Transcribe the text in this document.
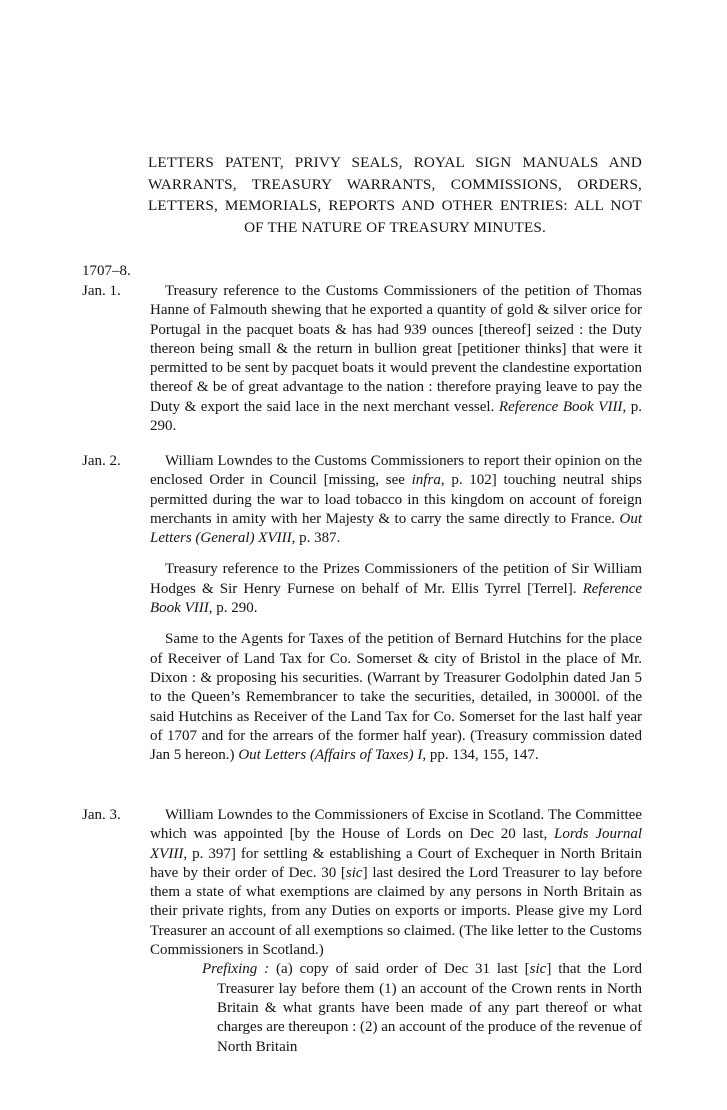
LETTERS PATENT, PRIVY SEALS, ROYAL SIGN MANUALS AND WARRANTS, TREASURY WARRANTS, COMMISSIONS, ORDERS, LETTERS, MEMORIALS, REPORTS AND OTHER ENTRIES: ALL NOT OF THE NATURE OF TREASURY MINUTES.
1707–8.
Jan. 1.	Treasury reference to the Customs Commissioners of the petition of Thomas Hanne of Falmouth shewing that he exported a quantity of gold & silver orice for Portugal in the pacquet boats & has had 939 ounces [thereof] seized : the Duty thereon being small & the return in bullion great [petitioner thinks] that were it permitted to be sent by pacquet boats it would prevent the clandestine exportation thereof & be of great advantage to the nation : therefore praying leave to pay the Duty & export the said lace in the next merchant vessel. Reference Book VIII, p. 290.
Jan. 2.	William Lowndes to the Customs Commissioners to report their opinion on the enclosed Order in Council [missing, see infra, p. 102] touching neutral ships permitted during the war to load tobacco in this kingdom on account of foreign merchants in amity with her Majesty & to carry the same directly to France. Out Letters (General) XVIII, p. 387.
Treasury reference to the Prizes Commissioners of the petition of Sir William Hodges & Sir Henry Furnese on behalf of Mr. Ellis Tyrrel [Terrel]. Reference Book VIII, p. 290.
Same to the Agents for Taxes of the petition of Bernard Hutchins for the place of Receiver of Land Tax for Co. Somerset & city of Bristol in the place of Mr. Dixon : & proposing his securities. (Warrant by Treasurer Godolphin dated Jan 5 to the Queen’s Remembrancer to take the securities, detailed, in 30000l. of the said Hutchins as Receiver of the Land Tax for Co. Somerset for the last half year of 1707 and for the arrears of the former half year). (Treasury commission dated Jan 5 hereon.) Out Letters (Affairs of Taxes) I, pp. 134, 155, 147.
Jan. 3.	William Lowndes to the Commissioners of Excise in Scotland. The Committee which was appointed [by the House of Lords on Dec 20 last, Lords Journal XVIII, p. 397] for settling & establishing a Court of Exchequer in North Britain have by their order of Dec. 30 [sic] last desired the Lord Treasurer to lay before them a state of what exemptions are claimed by any persons in North Britain as their private rights, from any Duties on exports or imports. Please give my Lord Treasurer an account of all exemptions so claimed. (The like letter to the Customs Commissioners in Scotland.)
Prefixing : (a) copy of said order of Dec 31 last [sic] that the Lord Treasurer lay before them (1) an account of the Crown rents in North Britain & what grants have been made of any part thereof or what charges are thereupon : (2) an account of the produce of the revenue of North Britain
